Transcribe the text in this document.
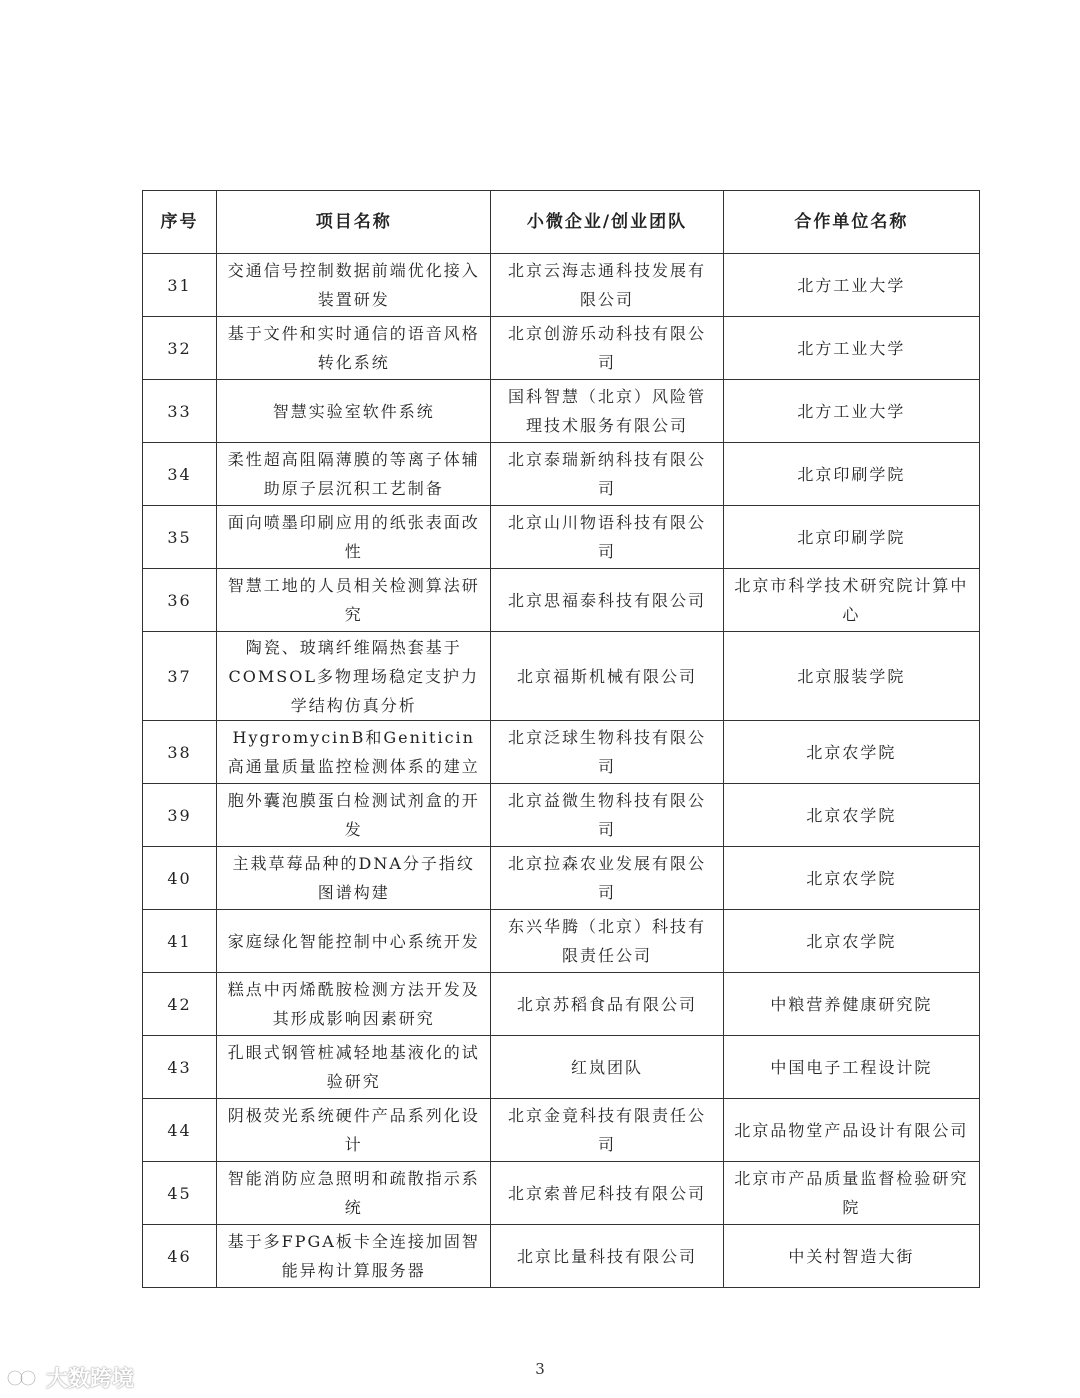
序号	项目名称	小微企业/创业团队	合作单位名称
31	交通信号控制数据前端优化接入装置研发	北京云海志通科技发展有限公司	北方工业大学
32	基于文件和实时通信的语音风格转化系统	北京创游乐动科技有限公司	北方工业大学
33	智慧实验室软件系统	国科智慧（北京）风险管理技术服务有限公司	北方工业大学
34	柔性超高阻隔薄膜的等离子体辅助原子层沉积工艺制备	北京泰瑞新纳科技有限公司	北京印刷学院
35	面向喷墨印刷应用的纸张表面改性	北京山川物语科技有限公司	北京印刷学院
36	智慧工地的人员相关检测算法研究	北京思福泰科技有限公司	北京市科学技术研究院计算中心
37	陶瓷、玻璃纤维隔热套基于COMSOL多物理场稳定支护力学结构仿真分析	北京福斯机械有限公司	北京服装学院
38	HygromycinB和Geniticin高通量质量监控检测体系的建立	北京泛球生物科技有限公司	北京农学院
39	胞外囊泡膜蛋白检测试剂盒的开发	北京益微生物科技有限公司	北京农学院
40	主栽草莓品种的DNA分子指纹图谱构建	北京拉森农业发展有限公司	北京农学院
41	家庭绿化智能控制中心系统开发	东兴华腾（北京）科技有限责任公司	北京农学院
42	糕点中丙烯酰胺检测方法开发及其形成影响因素研究	北京苏稻食品有限公司	中粮营养健康研究院
43	孔眼式钢管桩减轻地基液化的试验研究	红岚团队	中国电子工程设计院
44	阴极荧光系统硬件产品系列化设计	北京金竟科技有限责任公司	北京品物堂产品设计有限公司
45	智能消防应急照明和疏散指示系统	北京索普尼科技有限公司	北京市产品质量监督检验研究院
46	基于多FPGA板卡全连接加固智能异构计算服务器	北京比量科技有限公司	中关村智造大街
3
大数跨境
